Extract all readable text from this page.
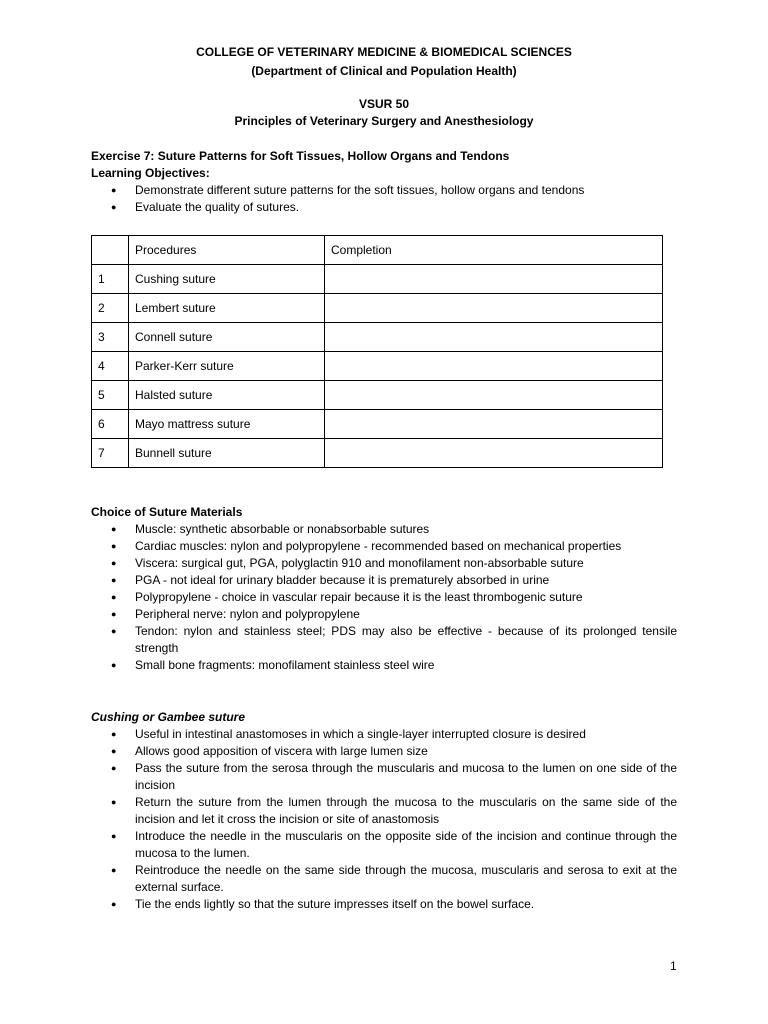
COLLEGE OF VETERINARY MEDICINE & BIOMEDICAL SCIENCES
(Department of Clinical and Population Health)
VSUR 50
Principles of Veterinary Surgery and Anesthesiology
Exercise 7: Suture Patterns for Soft Tissues, Hollow Organs and Tendons
Learning Objectives:
● Demonstrate different suture patterns for the soft tissues, hollow organs and tendons
● Evaluate the quality of sutures.
	Procedures	Completion
1	Cushing suture	
2	Lembert suture	
3	Connell suture	
4	Parker-Kerr suture	
5	Halsted suture	
6	Mayo mattress suture	
7	Bunnell suture	
Choice of Suture Materials
● Muscle: synthetic absorbable or nonabsorbable sutures
● Cardiac muscles: nylon and polypropylene - recommended based on mechanical properties
● Viscera: surgical gut, PGA, polyglactin 910 and monofilament non-absorbable suture
● PGA - not ideal for urinary bladder because it is prematurely absorbed in urine
● Polypropylene - choice in vascular repair because it is the least thrombogenic suture
● Peripheral nerve: nylon and polypropylene
● Tendon: nylon and stainless steel; PDS may also be effective - because of its prolonged tensile strength
● Small bone fragments: monofilament stainless steel wire
Cushing or Gambee suture
● Useful in intestinal anastomoses in which a single-layer interrupted closure is desired
● Allows good apposition of viscera with large lumen size
● Pass the suture from the serosa through the muscularis and mucosa to the lumen on one side of the incision
● Return the suture from the lumen through the mucosa to the muscularis on the same side of the incision and let it cross the incision or site of anastomosis
● Introduce the needle in the muscularis on the opposite side of the incision and continue through the mucosa to the lumen.
● Reintroduce the needle on the same side through the mucosa, muscularis and serosa to exit at the external surface.
● Tie the ends lightly so that the suture impresses itself on the bowel surface.
1
